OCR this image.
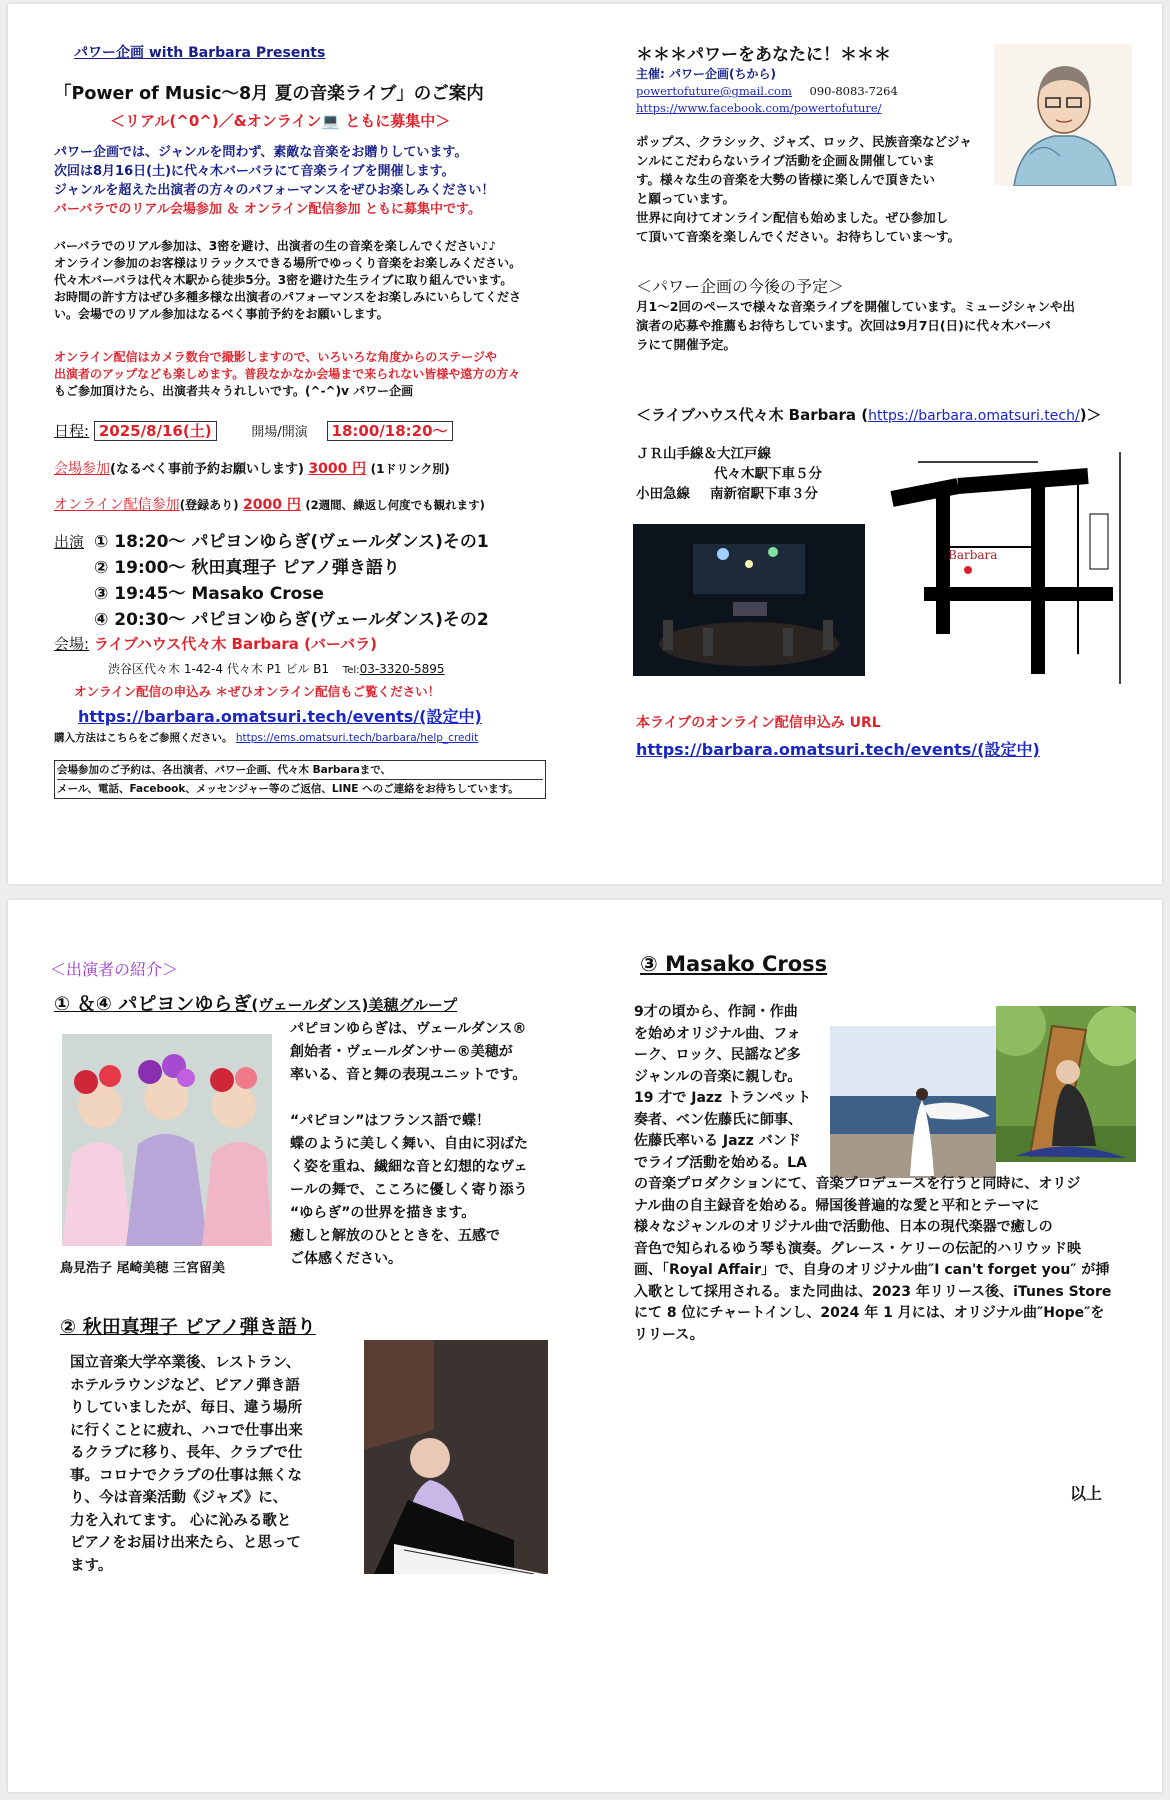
パワー企画 with Barbara Presents
「Power of Music～8月 夏の音楽ライブ」のご案内
＜リアル(^0^)／&オンライン💻 ともに募集中＞
パワー企画では、ジャンルを問わず、素敵な音楽をお贈りしています。
次回は8月16日(土)に代々木バーバラにて音楽ライブを開催します。
ジャンルを超えた出演者の方々のパフォーマンスをぜひお楽しみください！
バーバラでのリアル会場参加 ＆ オンライン配信参加 ともに募集中です。
バーバラでのリアル参加は、3密を避け、出演者の生の音楽を楽しんでください♪♪
オンライン参加のお客様はリラックスできる場所でゆっくり音楽をお楽しみください。
代々木バーバラは代々木駅から徒歩5分。3密を避けた生ライブに取り組んでいます。
お時間の許す方はぜひ多種多様な出演者のパフォーマンスをお楽しみにいらしてくださ
い。会場でのリアル参加はなるべく事前予約をお願いします。
オンライン配信はカメラ数台で撮影しますので、いろいろな角度からのステージや
出演者のアップなども楽しめます。普段なかなか会場まで来られない皆様や遠方の方々
もご参加頂けたら、出演者共々うれしいです。(^-^)v パワー企画
日程: 2025/8/16(土)	開場/開演 18:00/18:20～
会場参加(なるべく事前予約お願いします) 3000 円 (1ドリンク別)
オンライン配信参加(登録あり) 2000 円 (2週間、繰返し何度でも観れます)
出演 ① 18:20～ パピヨンゆらぎ(ヴェールダンス)その1
② 19:00～ 秋田真理子 ピアノ弾き語り
③ 19:45～ Masako Crose
④ 20:30～ パピヨンゆらぎ(ヴェールダンス)その2
会場: ライブハウス代々木 Barbara (バーバラ)
渋谷区代々木 1-42-4 代々木 P1 ビル B1 Tel:03-3320-5895
オンライン配信の申込み ＊ぜひオンライン配信もご覧ください！
https://barbara.omatsuri.tech/events/(設定中)
購入方法はこちらをご参照ください。 https://ems.omatsuri.tech/barbara/help_credit
会場参加のご予約は、各出演者、パワー企画、代々木 Barbaraまで、
メール、電話、Facebook、メッセンジャー等のご返信、LINE へのご連絡をお待ちしています。
＊＊＊パワーをあなたに！＊＊＊
主催: パワー企画(ちから)
powertofuture@gmail.com 090-8083-7264
https://www.facebook.com/powertofuture/
ポップス、クラシック、ジャズ、ロック、民族音楽などジャ
ンルにこだわらないライブ活動を企画＆開催していま
す。様々な生の音楽を大勢の皆様に楽しんで頂きたい
と願っています。
世界に向けてオンライン配信も始めました。ぜひ参加し
て頂いて音楽を楽しんでください。お待ちしていま～す。
＜パワー企画の今後の予定＞
月1～2回のペースで様々な音楽ライブを開催しています。ミュージシャンや出
演者の応募や推薦もお待ちしています。次回は9月7日(日)に代々木バーバ
ラにて開催予定。
＜ライブハウス代々木 Barbara (https://barbara.omatsuri.tech/)＞
ＪＲ山手線＆大江戸線
代々木駅下車５分
小田急線 南新宿駅下車３分
Barbara
本ライブのオンライン配信申込み URL
https://barbara.omatsuri.tech/events/(設定中)
＜出演者の紹介＞
① ＆④ パピヨンゆらぎ(ヴェールダンス)美穂グループ
パピヨンゆらぎは、ヴェールダンス®
創始者・ヴェールダンサー®美穂が
率いる、音と舞の表現ユニットです。

“パピヨン”はフランス語で蝶！
蝶のように美しく舞い、自由に羽ばた
く姿を重ね、繊細な音と幻想的なヴェ
ールの舞で、こころに優しく寄り添う
“ゆらぎ”の世界を描きます。
癒しと解放のひとときを、五感で
ご体感ください。
鳥見浩子 尾崎美穂 三宮留美
② 秋田真理子 ピアノ弾き語り
国立音楽大学卒業後、レストラン、
ホテルラウンジなど、ピアノ弾き語
りしていましたが、毎日、違う場所
に行くことに疲れ、ハコで仕事出来
るクラブに移り、長年、クラブで仕
事。コロナでクラブの仕事は無くな
り、今は音楽活動《ジャズ》に、
力を入れてます。 心に沁みる歌と
ピアノをお届け出来たら、と思って
ます。
③ Masako Cross
9才の頃から、作詞・作曲
を始めオリジナル曲、フォ
ーク、ロック、民謡など多
ジャンルの音楽に親しむ。
19 才で Jazz トランペット
奏者、ベン佐藤氏に師事、
佐藤氏率いる Jazz バンド
でライブ活動を始める。LA
の音楽プロダクションにて、音楽プロデュースを行うと同時に、オリジ
ナル曲の自主録音を始める。帰国後普遍的な愛と平和とテーマに
様々なジャンルのオリジナル曲で活動他、日本の現代楽器で癒しの
音色で知られるゆう琴も演奏。グレース・ケリーの伝記的ハリウッド映
画、「Royal Affair」で、自身のオリジナル曲″I can't forget you″ が挿
入歌として採用される。また同曲は、2023 年リリース後、iTunes Store
にて 8 位にチャートインし、2024 年 1 月には、オリジナル曲″Hope″を
リリース。
以上
